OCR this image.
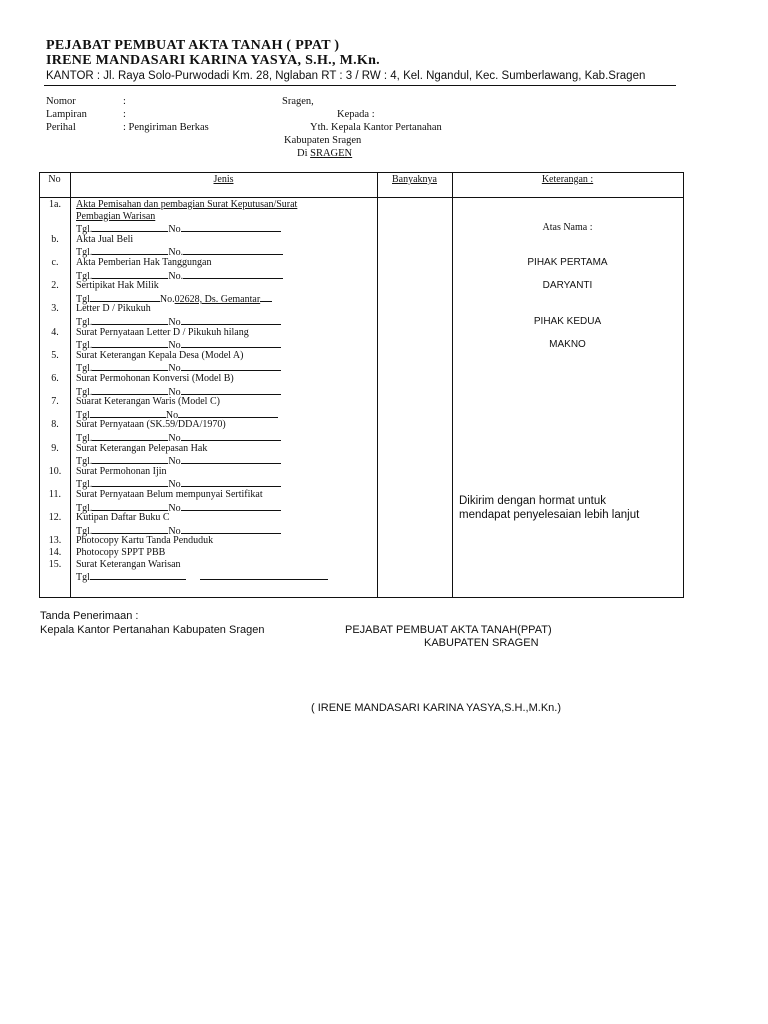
PEJABAT PEMBUAT AKTA TANAH ( PPAT )
IRENE MANDASARI KARINA YASYA, S.H., M.Kn.
KANTOR : Jl. Raya Solo-Purwodadi Km. 28, Nglaban RT : 3 / RW : 4, Kel. Ngandul, Kec. Sumberlawang, Kab.Sragen
Nomor	:
Lampiran	:
Perihal	: Pengiriman Berkas
Sragen,
Kepada :
Yth. Kepala Kantor Pertanahan
Kabupaten Sragen
Di SRAGEN
No	Jenis	Banyaknya	Keterangan :
1a.	Akta Pemisahan dan pembagian Surat Keputusan/Surat
Pembagian Warisan
Tgl.	No
b.	Akta Jual Beli
Tgl.	No.
c.	Akta Pemberian Hak Tanggungan
Tgl.	No.
2.	Sertipikat Hak Milik
Tgl	No.02628, Ds. Gemantar
3.	Letter D / Pikukuh
Tgl.	No
4.	Surat Pernyataan Letter D / Pikukuh hilang
Tgl.	No
5.	Surat Keterangan Kepala Desa (Model A)
Tgl.	No
6.	Surat Permohonan Konversi (Model B)
Tgl.	No
7.	Suarat Keterangan Waris (Model C)
Tgl	No
8.	Surat Pernyataan (SK.59/DDA/1970)
Tgl.	No
9.	Surat Keterangan Pelepasan Hak
Tgl.	No
10.	Surat Permohonan Ijin
Tgl.	No
11.	Surat Pernyataan Belum mempunyai Sertifikat
Tgl.	No
12.	Kutipan Daftar Buku C
Tgl.	No
13.	Photocopy Kartu Tanda Penduduk
14.	Photocopy SPPT PBB
15.	Surat Keterangan Warisan
Tgl
Atas Nama :
PIHAK PERTAMA
DARYANTI
PIHAK KEDUA
MAKNO
Dikirim dengan hormat untuk
mendapat penyelesaian lebih lanjut
Tanda Penerimaan :
Kepala Kantor Pertanahan Kabupaten Sragen	PEJABAT PEMBUAT AKTA TANAH(PPAT)
KABUPATEN SRAGEN
( IRENE MANDASARI KARINA YASYA,S.H.,M.Kn.)
